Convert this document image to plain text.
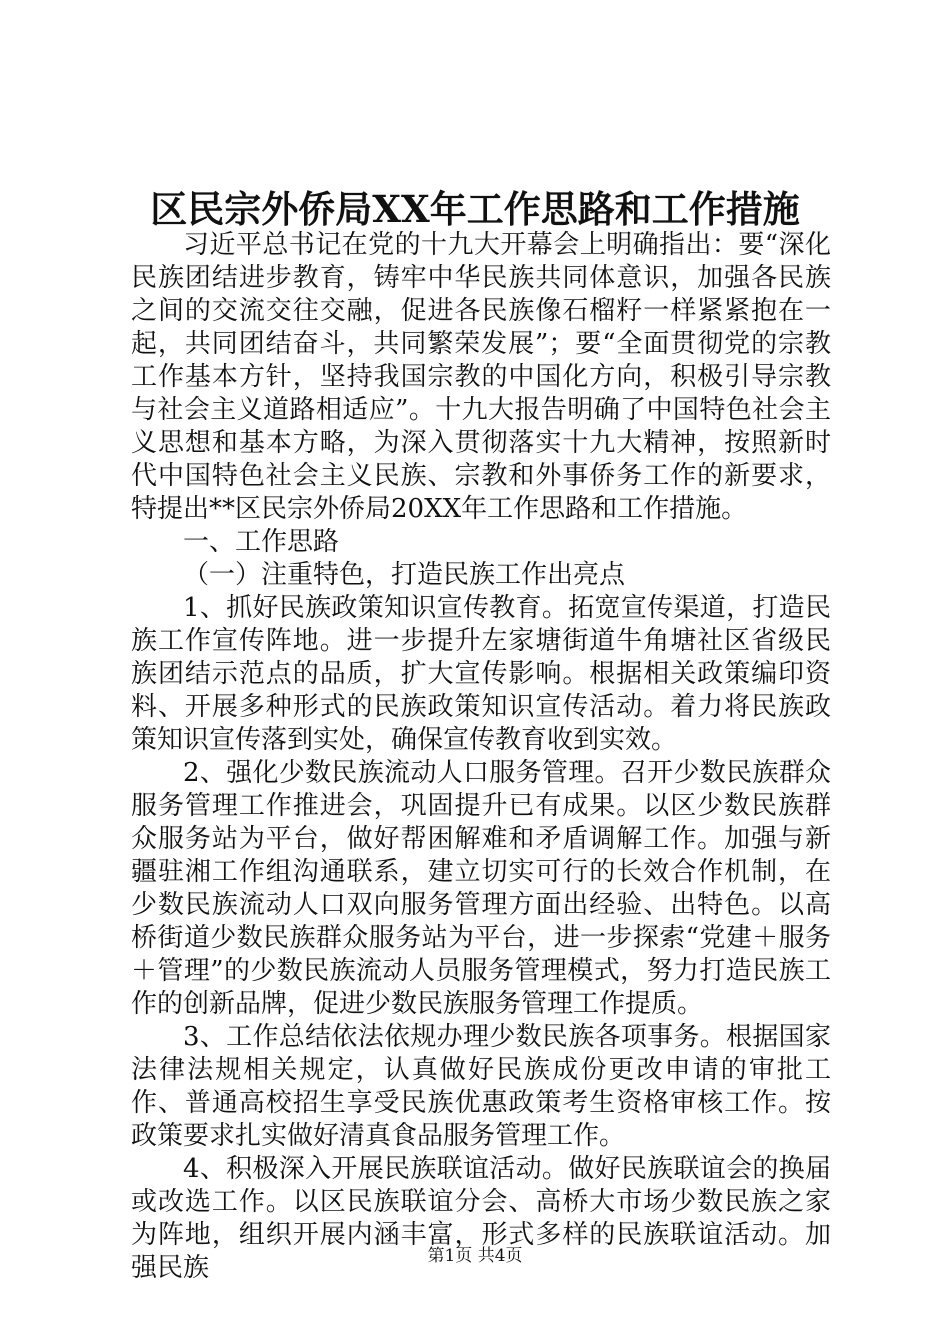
区民宗外侨局XX年工作思路和工作措施

习近平总书记在党的十九大开幕会上明确指出：要“深化民族团结进步教育，铸牢中华民族共同体意识，加强各民族之间的交流交往交融，促进各民族像石榴籽一样紧紧抱在一起，共同团结奋斗，共同繁荣发展”；要“全面贯彻党的宗教工作基本方针，坚持我国宗教的中国化方向，积极引导宗教与社会主义道路相适应”。十九大报告明确了中国特色社会主义思想和基本方略，为深入贯彻落实十九大精神，按照新时代中国特色社会主义民族、宗教和外事侨务工作的新要求，特提出**区民宗外侨局20XX年工作思路和工作措施。

一、工作思路

（一）注重特色，打造民族工作出亮点

1、抓好民族政策知识宣传教育。拓宽宣传渠道，打造民族工作宣传阵地。进一步提升左家塘街道牛角塘社区省级民族团结示范点的品质，扩大宣传影响。根据相关政策编印资料、开展多种形式的民族政策知识宣传活动。着力将民族政策知识宣传落到实处，确保宣传教育收到实效。

2、强化少数民族流动人口服务管理。召开少数民族群众服务管理工作推进会，巩固提升已有成果。以区少数民族群众服务站为平台，做好帮困解难和矛盾调解工作。加强与新疆驻湘工作组沟通联系，建立切实可行的长效合作机制，在少数民族流动人口双向服务管理方面出经验、出特色。以高桥街道少数民族群众服务站为平台，进一步探索“党建＋服务＋管理”的少数民族流动人员服务管理模式，努力打造民族工作的创新品牌，促进少数民族服务管理工作提质。

3、工作总结依法依规办理少数民族各项事务。根据国家法律法规相关规定，认真做好民族成份更改申请的审批工作、普通高校招生享受民族优惠政策考生资格审核工作。按政策要求扎实做好清真食品服务管理工作。

4、积极深入开展民族联谊活动。做好民族联谊会的换届或改选工作。以区民族联谊分会、高桥大市场少数民族之家为阵地，组织开展内涵丰富，形式多样的民族联谊活动。加强民族	第1页 共4页
